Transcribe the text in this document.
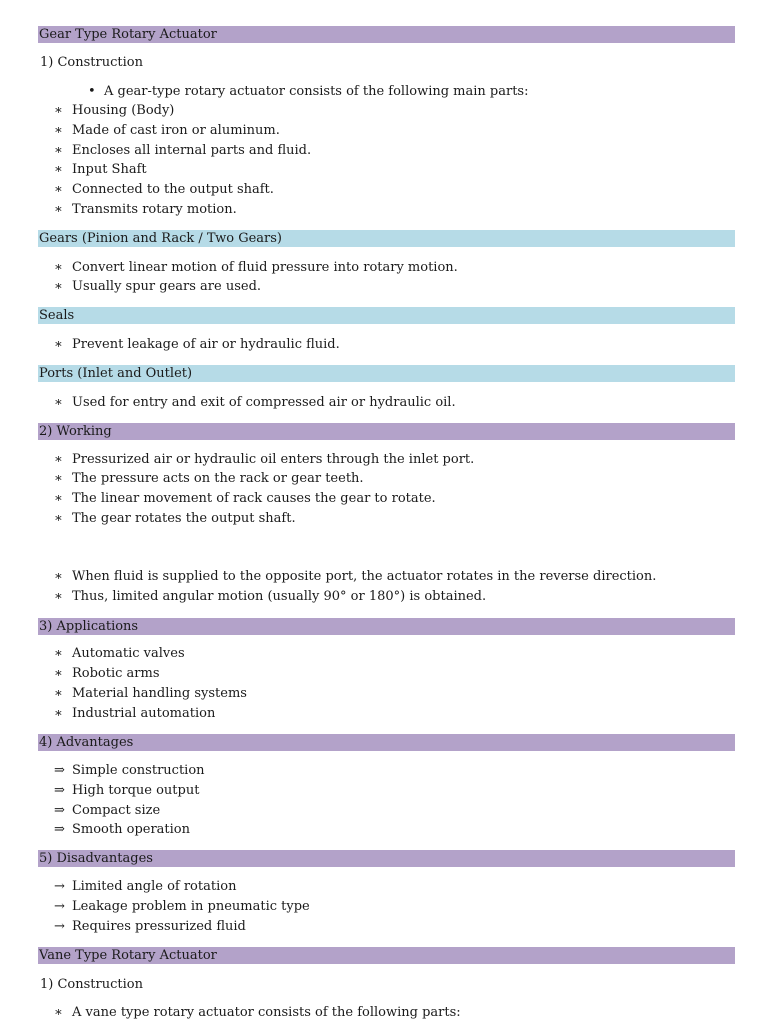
Gear Type Rotary Actuator
1) Construction
• A gear-type rotary actuator consists of the following main parts:
∗ Housing (Body)
∗ Made of cast iron or aluminum.
∗ Encloses all internal parts and fluid.
∗ Input Shaft
∗ Connected to the output shaft.
∗ Transmits rotary motion.
Gears (Pinion and Rack / Two Gears)
∗ Convert linear motion of fluid pressure into rotary motion.
∗ Usually spur gears are used.
Seals
∗ Prevent leakage of air or hydraulic fluid.
Ports (Inlet and Outlet)
∗ Used for entry and exit of compressed air or hydraulic oil.
2) Working
∗ Pressurized air or hydraulic oil enters through the inlet port.
∗ The pressure acts on the rack or gear teeth.
∗ The linear movement of rack causes the gear to rotate.
∗ The gear rotates the output shaft.
∗ When fluid is supplied to the opposite port, the actuator rotates in the reverse direction.
∗ Thus, limited angular motion (usually 90° or 180°) is obtained.
3) Applications
∗ Automatic valves
∗ Robotic arms
∗ Material handling systems
∗ Industrial automation
4) Advantages
⇒ Simple construction
⇒ High torque output
⇒ Compact size
⇒ Smooth operation
5) Disadvantages
→ Limited angle of rotation
→ Leakage problem in pneumatic type
→ Requires pressurized fluid
Vane Type Rotary Actuator
1) Construction
∗ A vane type rotary actuator consists of the following parts:
